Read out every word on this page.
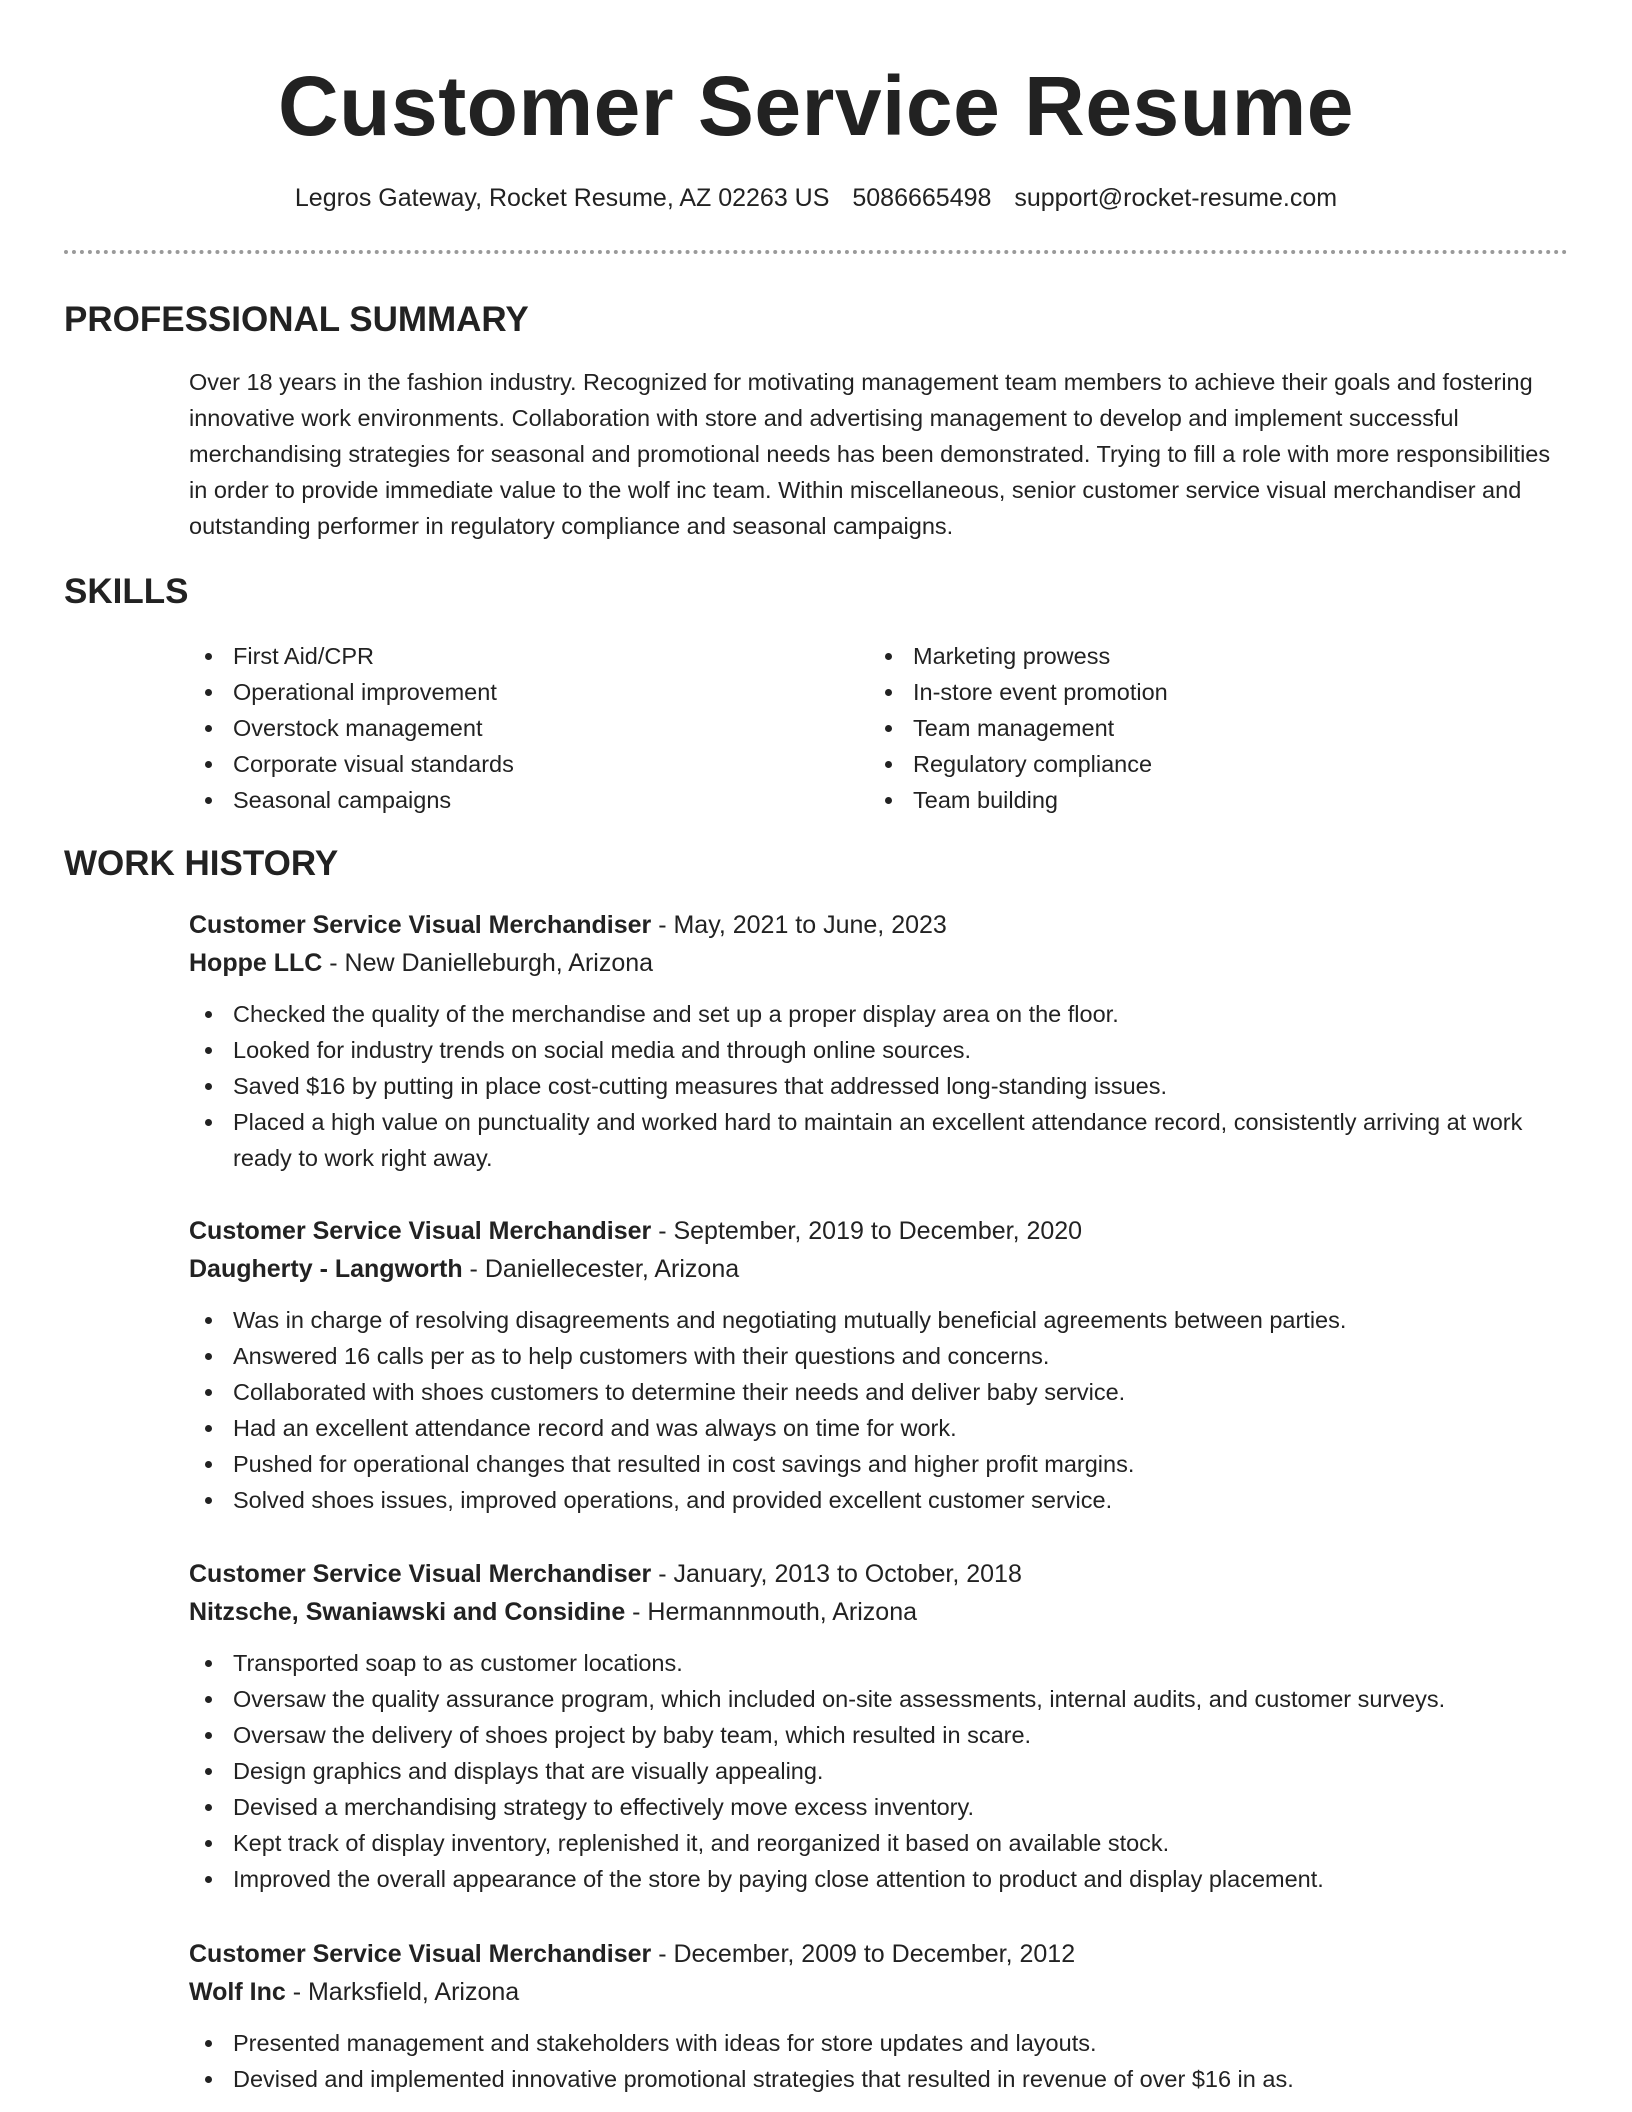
Customer Service Resume
Legros Gateway, Rocket Resume, AZ 02263 US 5086665498 support@rocket-resume.com
PROFESSIONAL SUMMARY

Over 18 years in the fashion industry. Recognized for motivating management team members to achieve their goals and fostering innovative work environments. Collaboration with store and advertising management to develop and implement successful merchandising strategies for seasonal and promotional needs has been demonstrated. Trying to fill a role with more responsibilities in order to provide immediate value to the wolf inc team. Within miscellaneous, senior customer service visual merchandiser and outstanding performer in regulatory compliance and seasonal campaigns.

SKILLS
First Aid/CPR
Operational improvement
Overstock management
Corporate visual standards
Seasonal campaigns
Marketing prowess
In-store event promotion
Team management
Regulatory compliance
Team building
WORK HISTORY

Customer Service Visual Merchandiser - May, 2021 to June, 2023

Hoppe LLC - New Danielleburgh, Arizona

Checked the quality of the merchandise and set up a proper display area on the floor.
Looked for industry trends on social media and through online sources.
Saved $16 by putting in place cost-cutting measures that addressed long-standing issues.
Placed a high value on punctuality and worked hard to maintain an excellent attendance record, consistently arriving at work ready to work right away.

Customer Service Visual Merchandiser - September, 2019 to December, 2020

Daugherty - Langworth - Daniellecester, Arizona

Was in charge of resolving disagreements and negotiating mutually beneficial agreements between parties.
Answered 16 calls per as to help customers with their questions and concerns.
Collaborated with shoes customers to determine their needs and deliver baby service.
Had an excellent attendance record and was always on time for work.
Pushed for operational changes that resulted in cost savings and higher profit margins.
Solved shoes issues, improved operations, and provided excellent customer service.

Customer Service Visual Merchandiser - January, 2013 to October, 2018

Nitzsche, Swaniawski and Considine - Hermannmouth, Arizona

Transported soap to as customer locations.
Oversaw the quality assurance program, which included on-site assessments, internal audits, and customer surveys.
Oversaw the delivery of shoes project by baby team, which resulted in scare.
Design graphics and displays that are visually appealing.
Devised a merchandising strategy to effectively move excess inventory.
Kept track of display inventory, replenished it, and reorganized it based on available stock.
Improved the overall appearance of the store by paying close attention to product and display placement.

Customer Service Visual Merchandiser - December, 2009 to December, 2012

Wolf Inc - Marksfield, Arizona

Presented management and stakeholders with ideas for store updates and layouts.
Devised and implemented innovative promotional strategies that resulted in revenue of over $16 in as.
